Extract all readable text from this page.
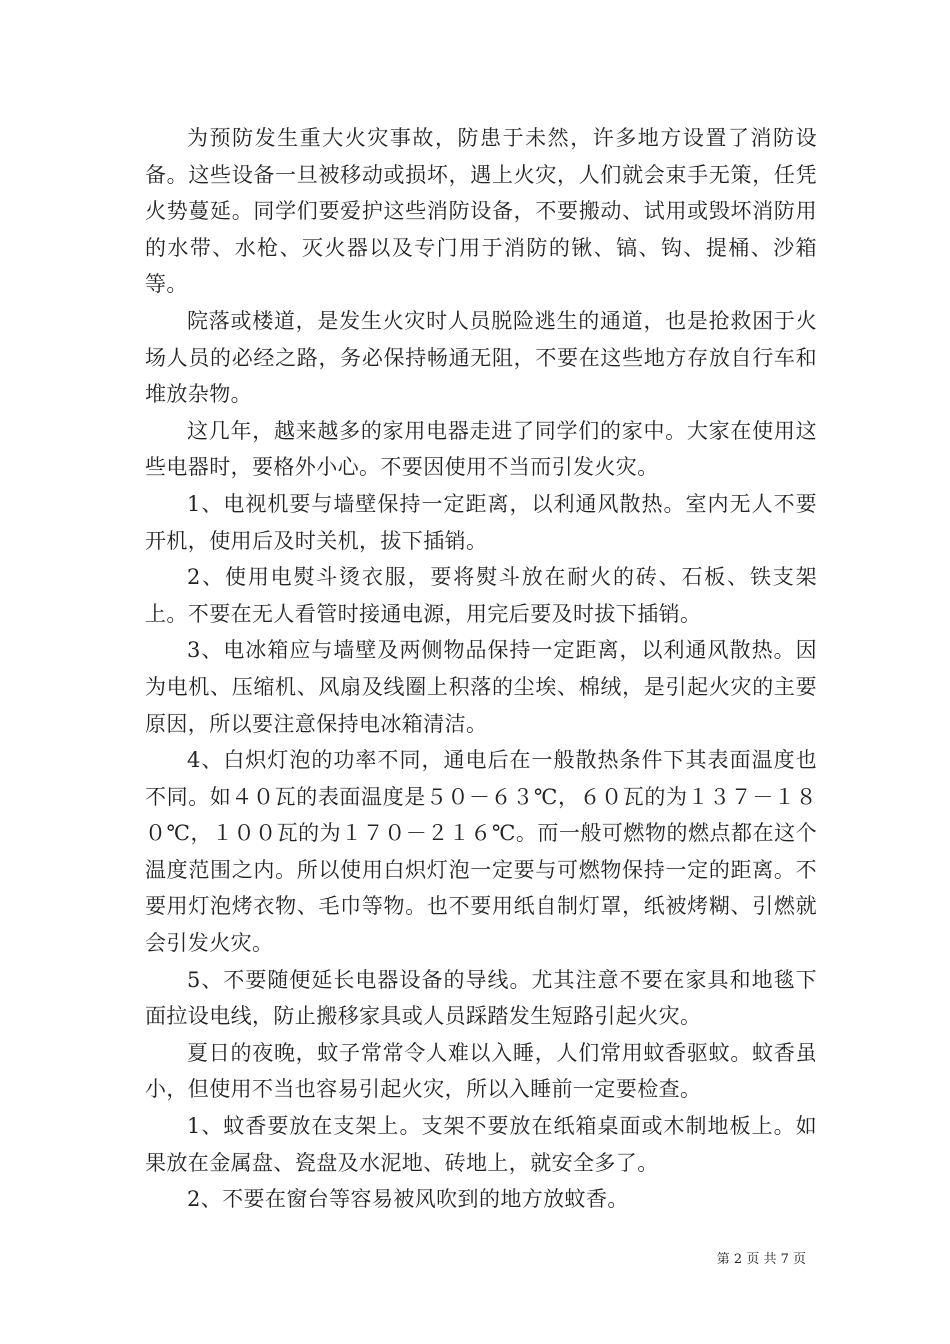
为预防发生重大火灾事故，防患于未然，许多地方设置了消防设备。这些设备一旦被移动或损坏，遇上火灾，人们就会束手无策，任凭火势蔓延。同学们要爱护这些消防设备，不要搬动、试用或毁坏消防用的水带、水枪、灭火器以及专门用于消防的锹、镐、钩、提桶、沙箱等。

院落或楼道，是发生火灾时人员脱险逃生的通道，也是抢救困于火场人员的必经之路，务必保持畅通无阻，不要在这些地方存放自行车和堆放杂物。

这几年，越来越多的家用电器走进了同学们的家中。大家在使用这些电器时，要格外小心。不要因使用不当而引发火灾。

1、电视机要与墙壁保持一定距离，以利通风散热。室内无人不要开机，使用后及时关机，拔下插销。

2、使用电熨斗烫衣服，要将熨斗放在耐火的砖、石板、铁支架上。不要在无人看管时接通电源，用完后要及时拔下插销。

3、电冰箱应与墙壁及两侧物品保持一定距离，以利通风散热。因为电机、压缩机、风扇及线圈上积落的尘埃、棉绒，是引起火灾的主要原因，所以要注意保持电冰箱清洁。

4、白炽灯泡的功率不同，通电后在一般散热条件下其表面温度也不同。如４０瓦的表面温度是５０－６３℃，６０瓦的为１３７－１８０℃，１００瓦的为１７０－２１６℃。而一般可燃物的燃点都在这个温度范围之内。所以使用白炽灯泡一定要与可燃物保持一定的距离。不要用灯泡烤衣物、毛巾等物。也不要用纸自制灯罩，纸被烤糊、引燃就会引发火灾。

5、不要随便延长电器设备的导线。尤其注意不要在家具和地毯下面拉设电线，防止搬移家具或人员踩踏发生短路引起火灾。

夏日的夜晚，蚊子常常令人难以入睡，人们常用蚊香驱蚊。蚊香虽小，但使用不当也容易引起火灾，所以入睡前一定要检查。

1、蚊香要放在支架上。支架不要放在纸箱桌面或木制地板上。如果放在金属盘、瓷盘及水泥地、砖地上，就安全多了。

2、不要在窗台等容易被风吹到的地方放蚊香。

第 2 页 共 7 页
